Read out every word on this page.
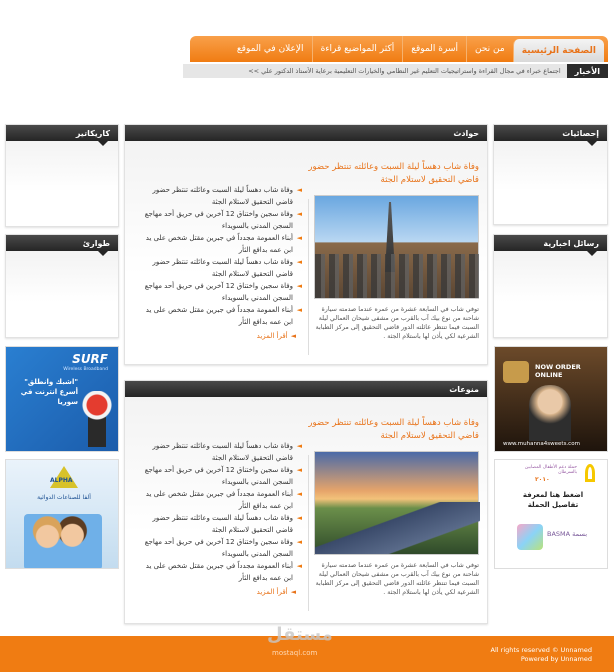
الصفحة الرئيسية
من نحن
أسرة الموقع
أكثر المواضيع قراءة
الإعلان في الموقع
الأخبار
اجتماع خبراء في مجال القراءة واستراتيجيات التعليم غير النظامي والخيارات التعليمية برعاية الأستاذ الدكتور علي >>
إحصائيات
رسائل اخبارية
NOW ORDER ONLINE
www.muhanna4sweets.com
حملة دعم الأطفال المصابين بالسرطان
٢٠١٠
اضغط هنا لمعرفة تفاصيل الحملة
بسمة BASMA
كاريكاتير
طوارئ
SURF
Wireless Broadband
"اشبك وانطلق" أسرع انترنت في سوريا
ALPHA
ألفا للصناعات الدوائية
حوادث
وفاة شاب دهساً ليلة السبت وعائلته تنتظر حضور قاضي التحقيق لاستلام الجثة
توفي شاب في السابعة عشرة من عمره عندما صدمته سيارة شاحنة من نوع بيك آب بالقرب من مشفى شيحان العمالي ليلة السبت فيما تنتظر عائلته الدور قاضي التحقيق إلى مركز الطبابة الشرعية لكي يأذن لها باستلام الجثة .
◄ وفاة شاب دهساً ليلة السبت وعائلته تنتظر حضور قاضي التحقيق لاستلام الجثة
◄ وفاة سجين واختناق 12 آخرين في حريق أحد مهاجع السجن المدني بالسويداء
◄ أبناء العمومة مجدداً في جبرين مقتل شخص على يد ابن عمه بدافع الثأر
◄ وفاة شاب دهساً ليلة السبت وعائلته تنتظر حضور قاضي التحقيق لاستلام الجثة
◄ وفاة سجين واختناق 12 آخرين في حريق أحد مهاجع السجن المدني بالسويداء
◄ أبناء العمومة مجدداً في جبرين مقتل شخص على يد ابن عمه بدافع الثأر
◄أقرأ المزيد
منوعات
وفاة شاب دهساً ليلة السبت وعائلته تنتظر حضور قاضي التحقيق لاستلام الجثة
توفي شاب في السابعة عشرة من عمره عندما صدمته سيارة شاحنة من نوع بيك آب بالقرب من مشفى شيحان العمالي ليلة السبت فيما تنتظر عائلته الدور قاضي التحقيق إلى مركز الطبابة الشرعية لكي يأذن لها باستلام الجثة .
◄ وفاة شاب دهساً ليلة السبت وعائلته تنتظر حضور قاضي التحقيق لاستلام الجثة
◄ وفاة سجين واختناق 12 آخرين في حريق أحد مهاجع السجن المدني بالسويداء
◄ أبناء العمومة مجدداً في جبرين مقتل شخص على يد ابن عمه بدافع الثأر
◄ وفاة شاب دهساً ليلة السبت وعائلته تنتظر حضور قاضي التحقيق لاستلام الجثة
◄ وفاة سجين واختناق 12 آخرين في حريق أحد مهاجع السجن المدني بالسويداء
◄ أبناء العمومة مجدداً في جبرين مقتل شخص على يد ابن عمه بدافع الثأر
◄أقرأ المزيد
All rights reserved © Unnamed
Powered by Unnamed
مستقل
mostaql.com
